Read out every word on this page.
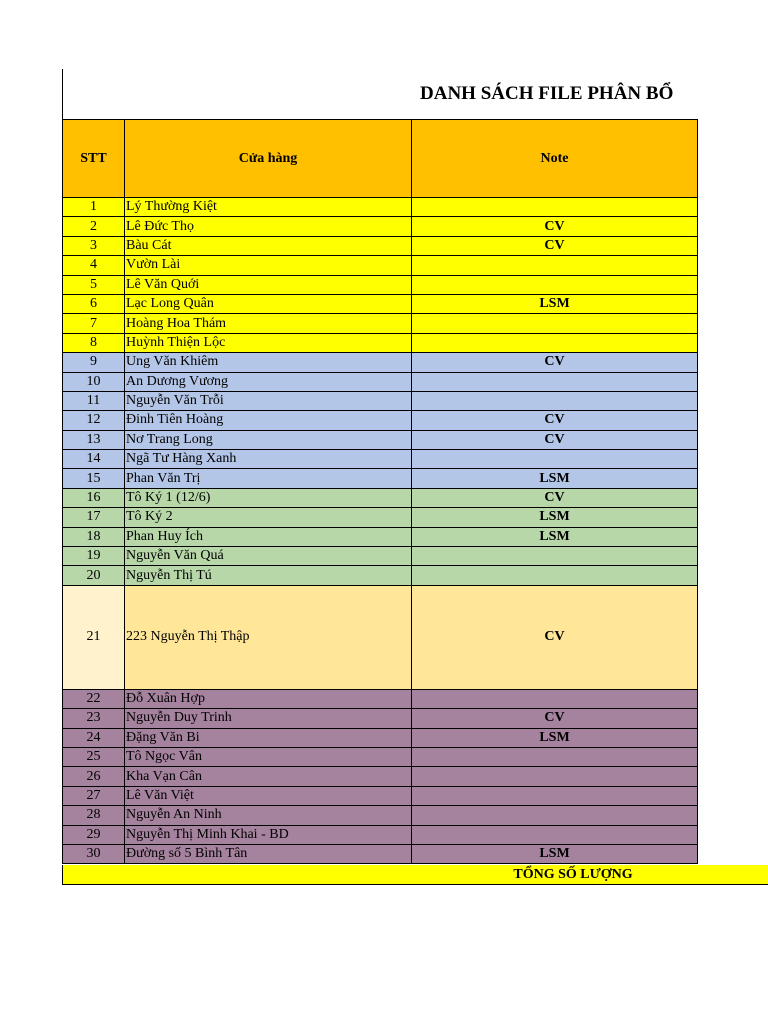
DANH SÁCH FILE PHÂN BỔ
STT	Cửa hàng	Note
1	Lý Thường Kiệt	
2	Lê Đức Thọ	CV
3	Bàu Cát	CV
4	Vườn Lài	
5	Lê Văn Quới	
6	Lạc Long Quân	LSM
7	Hoàng Hoa Thám	
8	Huỳnh Thiện Lộc	
9	Ung Văn Khiêm	CV
10	An Dương Vương	
11	Nguyễn Văn Trỗi	
12	Đinh Tiên Hoàng	CV
13	Nơ Trang Long	CV
14	Ngã Tư Hàng Xanh	
15	Phan Văn Trị	LSM
16	Tô Ký 1 (12/6)	CV
17	Tô Ký 2	LSM
18	Phan Huy Ích	LSM
19	Nguyễn Văn Quá	
20	Nguyễn Thị Tú	
21	223 Nguyễn Thị Thập	CV
22	Đỗ Xuân Hợp	
23	Nguyễn Duy Trinh	CV
24	Đặng Văn Bi	LSM
25	Tô Ngọc Vân	
26	Kha Vạn Cân	
27	Lê Văn Việt	
28	Nguyễn An Ninh	
29	Nguyễn Thị Minh Khai - BD	
30	Đường số 5 Bình Tân	LSM
TỔNG SỐ LƯỢNG
